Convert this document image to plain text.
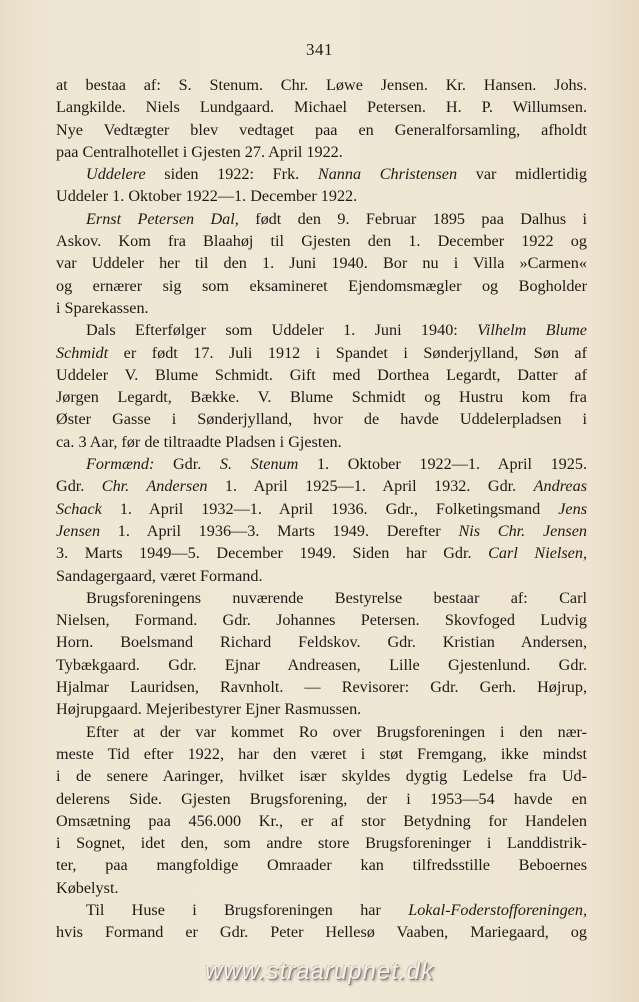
341
at bestaa af: S. Stenum. Chr. Løwe Jensen. Kr. Hansen. Johs.
Langkilde. Niels Lundgaard. Michael Petersen. H. P. Willumsen.
Nye Vedtægter blev vedtaget paa en Generalforsamling, afholdt
paa Centralhotellet i Gjesten 27. April 1922.
Uddelere siden 1922: Frk. Nanna Christensen var midlertidig
Uddeler 1. Oktober 1922—1. December 1922.
Ernst Petersen Dal, født den 9. Februar 1895 paa Dalhus i
Askov. Kom fra Blaahøj til Gjesten den 1. December 1922 og
var Uddeler her til den 1. Juni 1940. Bor nu i Villa »Carmen«
og ernærer sig som eksamineret Ejendomsmægler og Bogholder
i Sparekassen.
Dals Efterfølger som Uddeler 1. Juni 1940: Vilhelm Blume
Schmidt er født 17. Juli 1912 i Spandet i Sønderjylland, Søn af
Uddeler V. Blume Schmidt. Gift med Dorthea Legardt, Datter af
Jørgen Legardt, Bække. V. Blume Schmidt og Hustru kom fra
Øster Gasse i Sønderjylland, hvor de havde Uddelerpladsen i
ca. 3 Aar, før de tiltraadte Pladsen i Gjesten.
Formænd: Gdr. S. Stenum 1. Oktober 1922—1. April 1925.
Gdr. Chr. Andersen 1. April 1925—1. April 1932. Gdr. Andreas
Schack 1. April 1932—1. April 1936. Gdr., Folketingsmand Jens
Jensen 1. April 1936—3. Marts 1949. Derefter Nis Chr. Jensen
3. Marts 1949—5. December 1949. Siden har Gdr. Carl Nielsen,
Sandagergaard, været Formand.
Brugsforeningens nuværende Bestyrelse bestaar af: Carl
Nielsen, Formand. Gdr. Johannes Petersen. Skovfoged Ludvig
Horn. Boelsmand Richard Feldskov. Gdr. Kristian Andersen,
Tybækgaard. Gdr. Ejnar Andreasen, Lille Gjestenlund. Gdr.
Hjalmar Lauridsen, Ravnholt. — Revisorer: Gdr. Gerh. Højrup,
Højrupgaard. Mejeribestyrer Ejner Rasmussen.
Efter at der var kommet Ro over Brugsforeningen i den nær-
meste Tid efter 1922, har den været i støt Fremgang, ikke mindst
i de senere Aaringer, hvilket især skyldes dygtig Ledelse fra Ud-
delerens Side. Gjesten Brugsforening, der i 1953—54 havde en
Omsætning paa 456.000 Kr., er af stor Betydning for Handelen
i Sognet, idet den, som andre store Brugsforeninger i Landdistrik-
ter, paa mangfoldige Omraader kan tilfredsstille Beboernes
Købelyst.
Til Huse i Brugsforeningen har Lokal-Foderstofforeningen,
hvis Formand er Gdr. Peter Hellesø Vaaben, Mariegaard, og
www.straarupnet.dk
